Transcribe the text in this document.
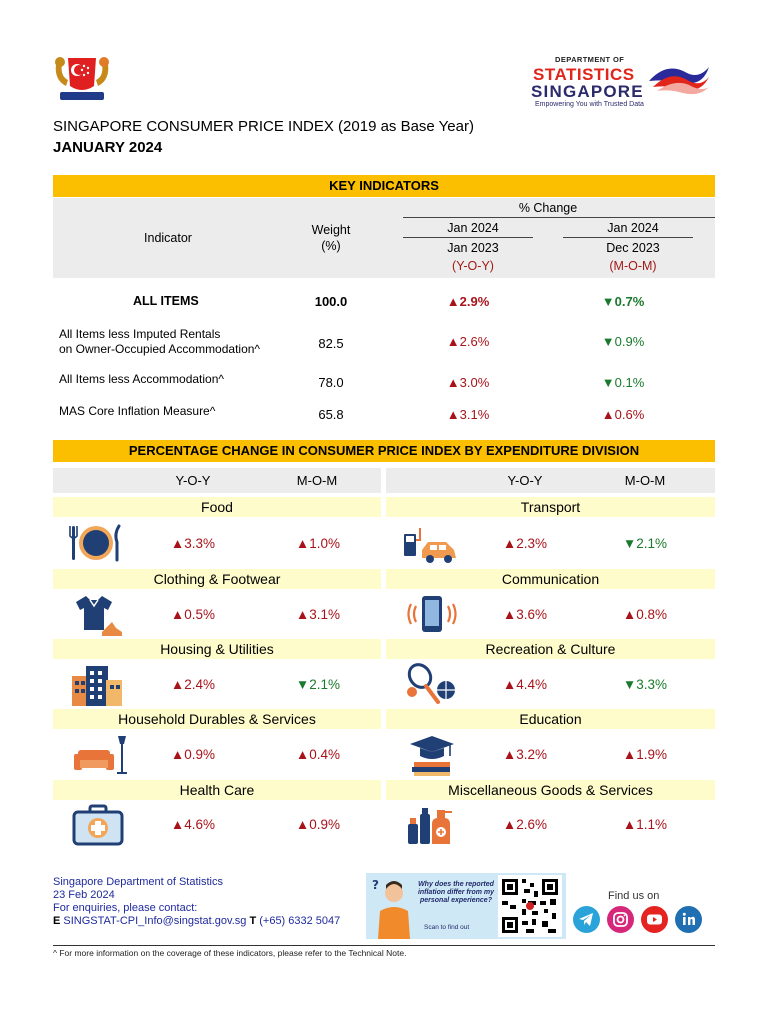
DEPARTMENT OF
STATISTICS
SINGAPORE
Empowering You with Trusted Data
SINGAPORE CONSUMER PRICE INDEX (2019 as Base Year)
JANUARY 2024
KEY INDICATORS
Indicator
Weight
(%)
% Change
Jan 2024	Jan 2024
Jan 2023	Dec 2023
(Y-O-Y)	(M-O-M)
ALL ITEMS	100.0	▲2.9%	▼0.7%
All Items less Imputed Rentals
on Owner-Occupied Accommodation^	82.5	▲2.6%	▼0.9%
All Items less Accommodation^	78.0	▲3.0%	▼0.1%
MAS Core Inflation Measure^	65.8	▲3.1%	▲0.6%
PERCENTAGE CHANGE IN CONSUMER PRICE INDEX BY EXPENDITURE DIVISION
Y-O-Y	M-O-M	Y-O-Y	M-O-M
Food
▲3.3%	▲1.0%
Clothing & Footwear
▲0.5%	▲3.1%
Housing & Utilities
▲2.4%	▼2.1%
Household Durables & Services
▲0.9%	▲0.4%
Health Care
▲4.6%	▲0.9%
Transport
▲2.3%	▼2.1%
Communication
▲3.6%	▲0.8%
Recreation & Culture
▲4.4%	▼3.3%
Education
▲3.2%	▲1.9%
Miscellaneous Goods & Services
▲2.6%	▲1.1%
Singapore Department of Statistics
23 Feb 2024
For enquiries, please contact:
E SINGSTAT-CPI_Info@singstat.gov.sg T (+65) 6332 5047
?	Why does the reported inflation differ from my personal experience?
Scan to find out
Find us on
^ For more information on the coverage of these indicators, please refer to the Technical Note.
